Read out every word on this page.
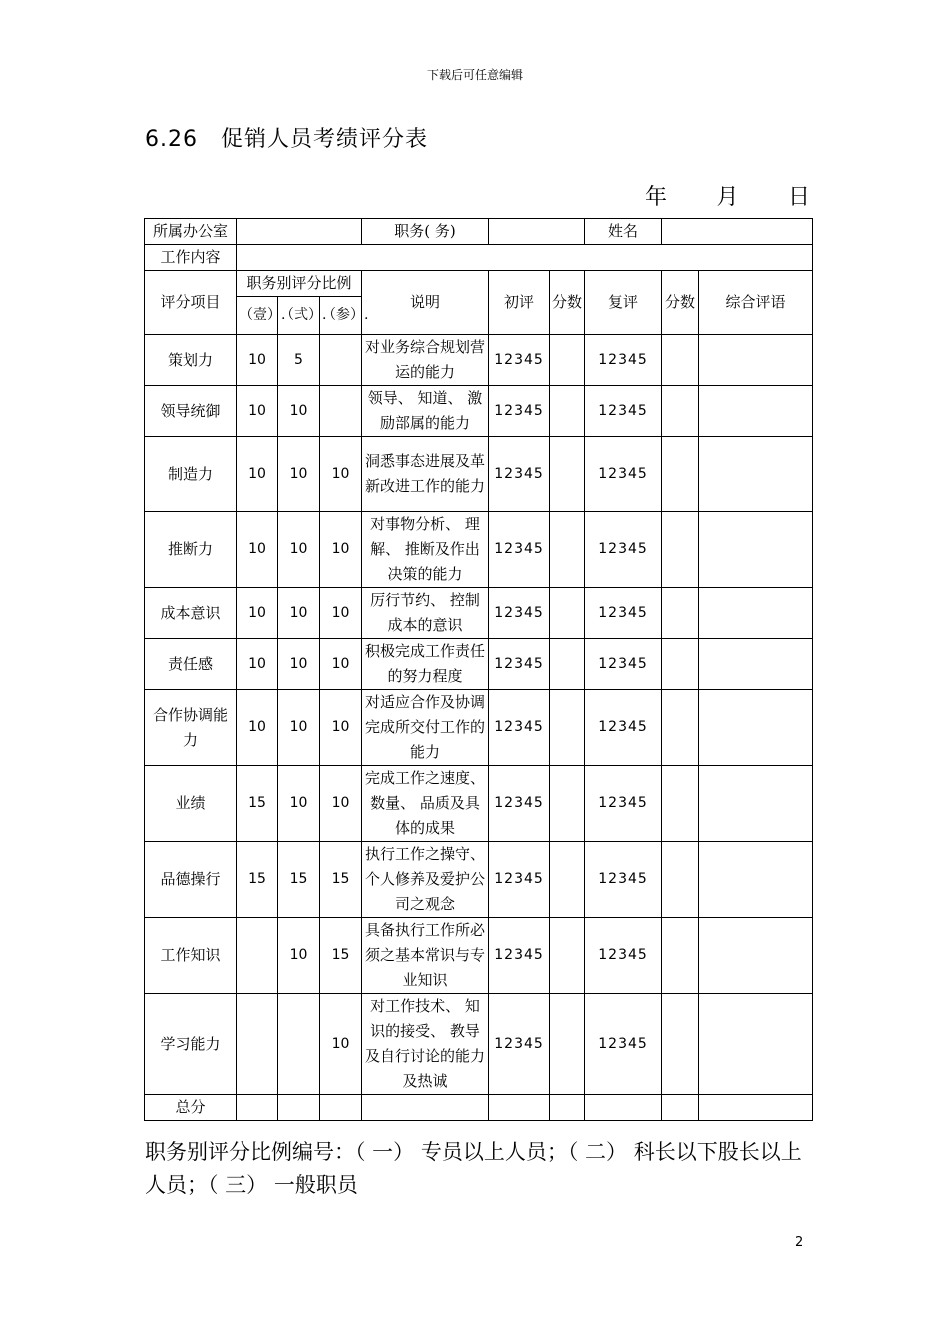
下载后可任意编辑
6.26　促销人员考绩评分表
年 月 日
所属办公室				职务( 务)			姓名		
工作内容									
评分项目	职务别评分比例			说明	初评	分数	复评	分数	综合评语
	（壹）.	（弍）.	（参）.						
策划力	10	5		对业务综合规划营运的能力	12345		12345		
领导统御	10	10		领导、 知道、 激励部属的能力	12345		12345		
制造力	10	10	10	洞悉事态进展及革新改进工作的能力	12345		12345		
推断力	10	10	10	对事物分析、 理解、 推断及作出决策的能力	12345		12345		
成本意识	10	10	10	厉行节约、 控制成本的意识	12345		12345		
责任感	10	10	10	积极完成工作责任的努力程度	12345		12345		
合作协调能力	10	10	10	对适应合作及协调完成所交付工作的能力	12345		12345		
业绩	15	10	10	完成工作之速度、 数量、 品质及具体的成果	12345		12345		
品德操行	15	15	15	执行工作之操守、 个人修养及爱护公司之观念	12345		12345		
工作知识		10	15	具备执行工作所必须之基本常识与专业知识	12345		12345		
学习能力			10	对工作技术、 知识的接受、 教导及自行讨论的能力及热诚	12345		12345		
总分									
职务别评分比例编号：（ 一） 专员以上人员；（ 二） 科长以下股长以上人员；（ 三） 一般职员
2
